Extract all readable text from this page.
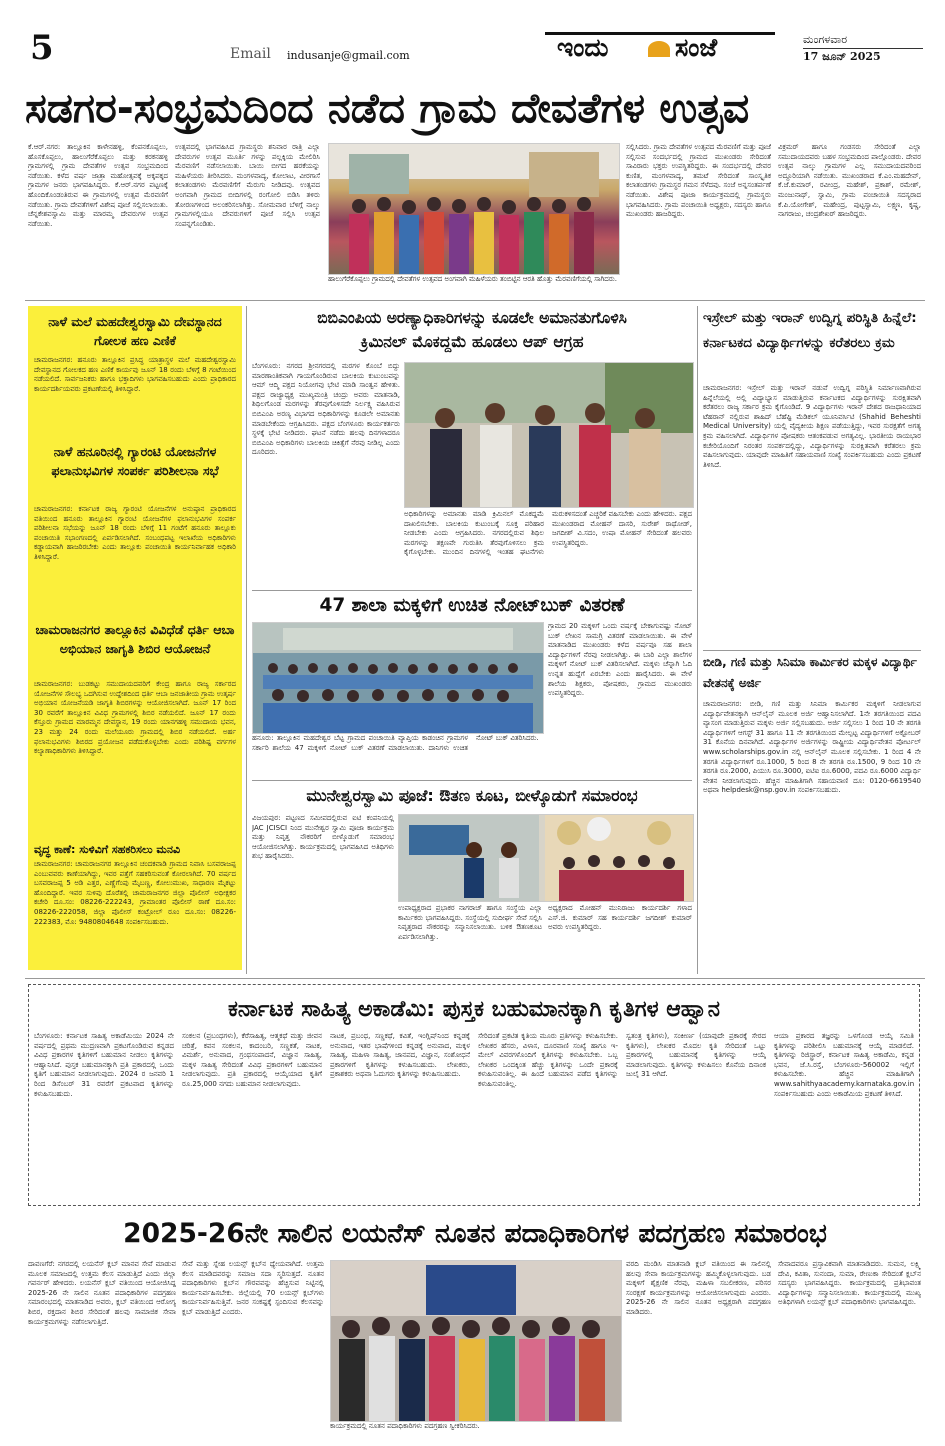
5	Email indusanje@gmail.com	ಇಂದು	ಸಂಜೆ	ಮಂಗಳವಾರ
17 ಜೂನ್ 2025
ಸಡಗರ-ಸಂಭ್ರಮದಿಂದ ನಡೆದ ಗ್ರಾಮ ದೇವತೆಗಳ ಉತ್ಸವ
ಕೆ.ಆರ್.ನಗರ: ತಾಲ್ಲೂಕಿನ ಕಾಳೇನಹಳ್ಳಿ, ಕೆಂಪನಕೊಪ್ಪಲು, ಹೊಸಕೊಪ್ಪಲು, ಹಾಲುಗೆರೆಕೊಪ್ಪಲು ಮತ್ತು ಕರಕನಹಳ್ಳಿ ಗ್ರಾಮಗಳಲ್ಲಿ ಗ್ರಾಮ ದೇವತೆಗಳ ಉತ್ಸವ ಸಂಭ್ರಮದಿಂದ ನಡೆಯಿತು. ಕಳೆದ ವರ್ಷ ಜಾತ್ರಾ ಮಹೋತ್ಸವಕ್ಕೆ ಅಕ್ಕಪಕ್ಕದ ಗ್ರಾಮಗಳ ಜನರು ಭಾಗವಹಿಸಿದ್ದರು. ಕೆ.ಆರ್.ನಗರ ಪಟ್ಟಣಕ್ಕೆ ಹೊಂದಿಕೊಂಡಂತಿರುವ ಈ ಗ್ರಾಮಗಳಲ್ಲಿ ಉತ್ಸವ ಮೆರವಣಿಗೆ ನಡೆಯಿತು. ಗ್ರಾಮ ದೇವತೆಗಳಿಗೆ ವಿಶೇಷ ಪೂಜೆ ಸಲ್ಲಿಸಲಾಯಿತು. ಚೆನ್ನಕೇಶವಸ್ವಾಮಿ ಮತ್ತು ಮಾರಮ್ಮ ದೇವರುಗಳ ಉತ್ಸವ ನಡೆಯಿತು.
ಉತ್ಸವದಲ್ಲಿ ಭಾಗವಹಿಸಿದ ಗ್ರಾಮಸ್ಥರು ಶನಿವಾರ ರಾತ್ರಿ ಎಲ್ಲಾ ದೇವರುಗಳ ಉತ್ಸವ ಮೂರ್ತಿ ಗಳನ್ನು ಪಲ್ಲಕ್ಕಿಯ ಮೇಲಿರಿಸಿ ಮೆರವಣಿಗೆ ನಡೆಸಲಾಯಿತು. ಬಾಯಿ ಬೀಗದ ಹರಕೆಯನ್ನು ಮಹಿಳೆಯರು ತೀರಿಸಿದರು. ಮಂಗಳವಾದ್ಯ, ಕೋಲಾಟ, ವೀರಗಾಸೆ ಕಲಾತಂಡಗಳು ಮೆರವಣಿಗೆಗೆ ಮೆರುಗು ನೀಡಿದವು. ಉತ್ಸವದ ಅಂಗವಾಗಿ ಗ್ರಾಮದ ಬೀದಿಗಳಲ್ಲಿ ರಂಗೋಲಿ ಬಿಡಿಸಿ ತಳಿರು ತೋರಣಗಳಿಂದ ಅಲಂಕರಿಸಲಾಗಿತ್ತು. ಸೋಮವಾರ ಬೆಳಿಗ್ಗೆ ನಾಲ್ಕು ಗ್ರಾಮಗಳಲ್ಲಿಯೂ ದೇವರುಗಳಿಗೆ ಪೂಜೆ ಸಲ್ಲಿಸಿ ಉತ್ಸವ ಸಂಪನ್ನಗೊಂಡಿತು.
ಹಾಲುಗೆರೆಕೊಪ್ಪಲು ಗ್ರಾಮದಲ್ಲಿ ದೇವತೆಗಳ ಉತ್ಸವದ ಅಂಗವಾಗಿ ಮಹಿಳೆಯರು ತಂಬಿಟ್ಟಿನ ಆರತಿ ಹೊತ್ತು ಮೆರವಣಿಗೆಯಲ್ಲಿ ಸಾಗಿದರು.
ಸಲ್ಲಿಸಿದರು. ಗ್ರಾಮ ದೇವತೆಗಳ ಉತ್ಸವದ ಮೆರವಣಿಗೆ ಮತ್ತು ಪೂಜೆ ಸಲ್ಲಿಸುವ ಸಂದರ್ಭದಲ್ಲಿ ಗ್ರಾಮದ ಮುಖಂಡರು ಸೇರಿದಂತೆ ಸಾವಿರಾರು ಭಕ್ತರು ಉಪಸ್ಥಿತರಿದ್ದರು. ಈ ಸಂದರ್ಭದಲ್ಲಿ ದೇವರ ಕುಣಿತ, ಮಂಗಳವಾದ್ಯ, ತಮಟೆ ಸೇರಿದಂತೆ ಸಾಂಸ್ಕೃತಿಕ ಕಲಾತಂಡಗಳು ಗ್ರಾಮಸ್ಥರ ಗಮನ ಸೆಳೆದವು. ಸಂಜೆ ಅನ್ನಸಂತರ್ಪಣೆ ನಡೆಯಿತು. ವಿಶೇಷ ಪೂಜಾ ಕಾರ್ಯಕ್ರಮದಲ್ಲಿ ಗ್ರಾಮಸ್ಥರು ಭಾಗವಹಿಸಿದರು. ಗ್ರಾಮ ಪಂಚಾಯಿತಿ ಅಧ್ಯಕ್ಷರು, ಸದಸ್ಯರು ಹಾಗೂ ಮುಖಂಡರು ಹಾಜರಿದ್ದರು.
ವಿಕ್ರಮರ್ ಹಾಗೂ ಗಂಡಸರು ಸೇರಿದಂತೆ ಎಲ್ಲಾ ಸಮುದಾಯದವರು ಬಹಳ ಸಂಭ್ರಮದಿಂದ ಪಾಲ್ಗೊಂಡರು. ದೇವರ ಉತ್ಸವ ನಾಲ್ಕು ಗ್ರಾಮಗಳ ಎಲ್ಲ ಸಮುದಾಯದವರಿಂದ ಅದ್ದೂರಿಯಾಗಿ ನಡೆಯಿತು. ಮುಖಂಡರಾದ ಕೆ.ಎಂ.ಮಹದೇವ್, ಕೆ.ಜೆ.ಕುಮಾರ್, ರವೀಂದ್ರ, ಮಹೇಶ್, ಪ್ರಕಾಶ್, ರಮೇಶ್, ಮಂಜುನಾಥ್, ಸ್ವಾಮಿ, ಗ್ರಾಮ ಪಂಚಾಯಿತಿ ಸದಸ್ಯರಾದ ಕೆ.ಪಿ.ಯೋಗೇಶ್, ಮಹೇಂದ್ರ, ಪುಟ್ಟಸ್ವಾಮಿ, ಲಕ್ಷ್ಮಣ, ಕೃಷ್ಣ, ನಾಗರಾಜು, ಚಂದ್ರಶೇಖರ್ ಹಾಜರಿದ್ದರು.
ನಾಳೆ ಮಲೆ ಮಹದೇಶ್ವರಸ್ವಾಮಿ ದೇವಸ್ಥಾನದ ಗೋಲಕ ಹಣ ಎಣಿಕೆ
ಚಾಮರಾಜನಗರ: ಹನೂರು ತಾಲ್ಲೂಕಿನ ಪ್ರಸಿದ್ಧ ಯಾತ್ರಾಸ್ಥಳ ಮಲೆ ಮಹದೇಶ್ವರಸ್ವಾಮಿ ದೇವಸ್ಥಾನದ ಗೋಲಕದ ಹಣ ಎಣಿಕೆ ಕಾರ್ಯವು ಜೂನ್ 18 ರಂದು ಬೆಳಿಗ್ಗೆ 8 ಗಂಟೆಯಿಂದ ನಡೆಯಲಿದೆ. ಸಾರ್ವಜನಿಕರು ಹಾಗೂ ಭಕ್ತಾದಿಗಳು ಭಾಗವಹಿಸಬಹುದು ಎಂದು ಪ್ರಾಧಿಕಾರದ ಕಾರ್ಯದರ್ಶಿಯವರು ಪ್ರಕಟಣೆಯಲ್ಲಿ ತಿಳಿಸಿದ್ದಾರೆ.
ನಾಳೆ ಹನೂರಿನಲ್ಲಿ ಗ್ಯಾರಂಟಿ ಯೋಜನೆಗಳ ಫಲಾನುಭವಿಗಳ ಸಂಪರ್ಕ ಪರಿಶೀಲನಾ ಸಭೆ
ಚಾಮರಾಜನಗರ: ಕರ್ನಾಟಕ ರಾಜ್ಯ ಗ್ಯಾರಂಟಿ ಯೋಜನೆಗಳ ಅನುಷ್ಠಾನ ಪ್ರಾಧಿಕಾರದ ವತಿಯಿಂದ ಹನೂರು ತಾಲ್ಲೂಕಿನ ಗ್ಯಾರಂಟಿ ಯೋಜನೆಗಳ ಫಲಾನುಭವಿಗಳ ಸಂಪರ್ಕ ಪರಿಶೀಲನಾ ಸಭೆಯನ್ನು ಜೂನ್ 18 ರಂದು ಬೆಳಿಗ್ಗೆ 11 ಗಂಟೆಗೆ ಹನೂರು ತಾಲ್ಲೂಕು ಪಂಚಾಯಿತಿ ಸಭಾಂಗಣದಲ್ಲಿ ಏರ್ಪಡಿಸಲಾಗಿದೆ. ಸಂಬಂಧಪಟ್ಟ ಇಲಾಖೆಯ ಅಧಿಕಾರಿಗಳು ಕಡ್ಡಾಯವಾಗಿ ಹಾಜರಿರಬೇಕು ಎಂದು ತಾಲ್ಲೂಕು ಪಂಚಾಯಿತಿ ಕಾರ್ಯನಿರ್ವಾಹಕ ಅಧಿಕಾರಿ ತಿಳಿಸಿದ್ದಾರೆ.
ಚಾಮರಾಜನಗರ ತಾಲ್ಲೂಕಿನ ವಿವಿಧೆಡೆ ಧರ್ತಿ ಆಬಾ ಅಭಿಯಾನ ಜಾಗೃತಿ ಶಿಬಿರ ಆಯೋಜನೆ
ಚಾಮರಾಜನಗರ: ಬುಡಕಟ್ಟು ಸಮುದಾಯದವರಿಗೆ ಕೇಂದ್ರ ಹಾಗೂ ರಾಜ್ಯ ಸರ್ಕಾರದ ಯೋಜನೆಗಳ ಸೌಲಭ್ಯ ಒದಗಿಸುವ ಉದ್ದೇಶದಿಂದ ಧರ್ತಿ ಆಬಾ ಜನಜಾತೀಯ ಗ್ರಾಮ ಉತ್ಕರ್ಷ ಅಭಿಯಾನ ಯೋಜನೆಯಡಿ ಜಾಗೃತಿ ಶಿಬಿರಗಳನ್ನು ಆಯೋಜಿಸಲಾಗಿದೆ. ಜೂನ್ 17 ರಿಂದ 30 ರವರೆಗೆ ತಾಲ್ಲೂಕಿನ ವಿವಿಧ ಗ್ರಾಮಗಳಲ್ಲಿ ಶಿಬಿರ ನಡೆಯಲಿದೆ. ಜೂನ್ 17 ರಂದು ಕೆಸ್ತೂರು ಗ್ರಾಮದ ಮಾರಮ್ಮನ ದೇವಸ್ಥಾನ, 19 ರಂದು ಯಾನಗಹಳ್ಳಿ ಸಮುದಾಯ ಭವನ, 23 ಮತ್ತು 24 ರಂದು ಮಲೆಯೂರು ಗ್ರಾಮದಲ್ಲಿ ಶಿಬಿರ ನಡೆಯಲಿದೆ. ಅರ್ಹ ಫಲಾನುಭವಿಗಳು ಶಿಬಿರದ ಪ್ರಯೋಜನ ಪಡೆದುಕೊಳ್ಳಬೇಕು ಎಂದು ಪರಿಶಿಷ್ಟ ವರ್ಗಗಳ ಕಲ್ಯಾಣಾಧಿಕಾರಿಗಳು ತಿಳಿಸಿದ್ದಾರೆ.
ವೃದ್ಧ ಕಾಣೆ: ಸುಳಿವಿಗೆ ಸಹಕರಿಸಲು ಮನವಿ
ಚಾಮರಾಜನಗರ: ಚಾಮರಾಜನಗರ ತಾಲ್ಲೂಕಿನ ಚಂದಕವಾಡಿ ಗ್ರಾಮದ ನಿವಾಸಿ ಬಸವರಾಜಪ್ಪ ಎಂಬುವವರು ಕಾಣೆಯಾಗಿದ್ದು, ಇವರ ಪತ್ತೆಗೆ ಸಹಕರಿಸುವಂತೆ ಕೋರಲಾಗಿದೆ. 70 ವರ್ಷದ ಬಸವರಾಜಪ್ಪ 5 ಅಡಿ ಎತ್ತರ, ಎಣ್ಣೆಗೆಂಪು ಮೈಬಣ್ಣ, ಕೋಲುಮುಖ, ಸಾಧಾರಣ ಮೈಕಟ್ಟು ಹೊಂದಿದ್ದಾರೆ. ಇವರ ಸುಳಿವು ದೊರೆತಲ್ಲಿ ಚಾಮರಾಜನಗರ ಜಿಲ್ಲಾ ಪೊಲೀಸ್ ಅಧೀಕ್ಷಕರ ಕಚೇರಿ ದೂ.ಸಂ: 08226-222243, ಗ್ರಾಮಾಂತರ ಪೊಲೀಸ್ ಠಾಣೆ ದೂ.ಸಂ: 08226-222058, ಜಿಲ್ಲಾ ಪೊಲೀಸ್ ಕಂಟ್ರೋಲ್ ರೂಂ ದೂ.ಸಂ: 08226-222383, ಮೊ: 9480804648 ಸಂಪರ್ಕಿಸಬಹುದು.
ಬಿಬಿಎಂಪಿಯ ಅರಣ್ಯಾಧಿಕಾರಿಗಳನ್ನು ಕೂಡಲೇ ಅಮಾನತುಗೊಳಿಸಿ
ಕ್ರಿಮಿನಲ್ ಮೊಕದ್ದಮೆ ಹೂಡಲು ಆಪ್ ಆಗ್ರಹ
ಬೆಂಗಳೂರು: ನಗರದ ಶ್ರೀನಗರದಲ್ಲಿ ಮರಗಳ ಕೊಂಬೆ ಬಿದ್ದು ಮಾರಣಾಂತಿಕವಾಗಿ ಗಾಯಗೊಂಡಿರುವ ಬಾಲಕಿಯ ಕುಟುಂಬವನ್ನು ಆಮ್ ಆದ್ಮಿ ಪಕ್ಷದ ನಿಯೋಗವು ಭೇಟಿ ಮಾಡಿ ಸಾಂತ್ವನ ಹೇಳಿತು. ಪಕ್ಷದ ರಾಜ್ಯಾಧ್ಯಕ್ಷ ಮುಖ್ಯಮಂತ್ರಿ ಚಂದ್ರು ಅವರು ಮಾತನಾಡಿ, ಶಿಥಿಲಗೊಂಡ ಮರಗಳನ್ನು ತೆರವುಗೊಳಿಸದೇ ನಿರ್ಲಕ್ಷ್ಯ ವಹಿಸಿರುವ ಬಿಬಿಎಂಪಿ ಅರಣ್ಯ ವಿಭಾಗದ ಅಧಿಕಾರಿಗಳನ್ನು ಕೂಡಲೇ ಅಮಾನತು ಮಾಡಬೇಕೆಂದು ಆಗ್ರಹಿಸಿದರು. ಪಕ್ಷದ ಬೆಂಗಳೂರು ಕಾರ್ಯಕರ್ತರು ಸ್ಥಳಕ್ಕೆ ಭೇಟಿ ನೀಡಿದರು. ಘಟನೆ ನಡೆದು ಹಲವು ದಿನಗಳಾದರೂ ಬಿಬಿಎಂಪಿ ಅಧಿಕಾರಿಗಳು ಬಾಲಕಿಯ ಚಿಕಿತ್ಸೆಗೆ ನೆರವು ನೀಡಿಲ್ಲ ಎಂದು ದೂರಿದರು.
ಅಧಿಕಾರಿಗಳನ್ನು ಅಮಾನತು ಮಾಡಿ ಕ್ರಿಮಿನಲ್ ಮೊಕದ್ದಮೆ ದಾಖಲಿಸಬೇಕು. ಬಾಲಕಿಯ ಕುಟುಂಬಕ್ಕೆ ಸೂಕ್ತ ಪರಿಹಾರ ನೀಡಬೇಕು ಎಂದು ಆಗ್ರಹಿಸಿದರು. ನಗರದಲ್ಲಿರುವ ಶಿಥಿಲ ಮರಗಳನ್ನು ತಕ್ಷಣವೇ ಗುರುತಿಸಿ ತೆರವುಗೊಳಿಸಲು ಕ್ರಮ ಕೈಗೊಳ್ಳಬೇಕು. ಮುಂದಿನ ದಿನಗಳಲ್ಲಿ ಇಂತಹ ಘಟನೆಗಳು ಮರುಕಳಿಸದಂತೆ ಎಚ್ಚರಿಕೆ ವಹಿಸಬೇಕು ಎಂದು ಹೇಳಿದರು. ಪಕ್ಷದ ಮುಖಂಡರಾದ ಮೋಹನ್ ದಾಸರಿ, ಸುರೇಶ್ ರಾಥೋಡ್, ಜಗದೀಶ್ ವಿ.ಸದಂ, ಉಷಾ ಮೋಹನ್ ಸೇರಿದಂತೆ ಹಲವರು ಉಪಸ್ಥಿತರಿದ್ದರು.
47 ಶಾಲಾ ಮಕ್ಕಳಿಗೆ ಉಚಿತ ನೋಟ್‌ಬುಕ್ ವಿತರಣೆ
ಹನೂರು: ತಾಲ್ಲೂಕಿನ ಮಹದೇಶ್ವರ ಬೆಟ್ಟ ಗ್ರಾಮದ ಪಂಚಾಯಿತಿ ವ್ಯಾಪ್ತಿಯ ಕಾಡಂಚಿನ ಗ್ರಾಮಗಳ ಸರ್ಕಾರಿ ಶಾಲೆಯ 47 ಮಕ್ಕಳಿಗೆ ನೋಟ್ ಬುಕ್ ವಿತರಣೆ ಮಾಡಲಾಯಿತು. ದಾನಿಗಳು ಉಚಿತ ನೋಟ್ ಬುಕ್ ವಿತರಿಸಿದರು.
ಗ್ರಾಮದ 20 ಮಕ್ಕಳಿಗೆ ಒಂದು ವರ್ಷಕ್ಕೆ ಬೇಕಾಗುವಷ್ಟು ನೋಟ್ ಬುಕ್ ಲೇಖನ ಸಾಮಗ್ರಿ ವಿತರಣೆ ಮಾಡಲಾಯಿತು. ಈ ವೇಳೆ ಮಾತನಾಡಿದ ಮುಖಂಡರು ಕಳೆದ ವರ್ಷವೂ ಸಹ ಶಾಲಾ ವಿದ್ಯಾರ್ಥಿಗಳಿಗೆ ನೆರವು ನೀಡಲಾಗಿತ್ತು. ಈ ಬಾರಿ ಎಲ್ಲಾ ಶಾಲೆಗಳ ಮಕ್ಕಳಿಗೆ ನೋಟ್ ಬುಕ್ ವಿತರಿಸಲಾಗಿದೆ. ಮಕ್ಕಳು ಚೆನ್ನಾಗಿ ಓದಿ ಉನ್ನತ ಹುದ್ದೆಗೆ ಏರಬೇಕು ಎಂದು ಹಾರೈಸಿದರು. ಈ ವೇಳೆ ಶಾಲೆಯ ಶಿಕ್ಷಕರು, ಪೋಷಕರು, ಗ್ರಾಮದ ಮುಖಂಡರು ಉಪಸ್ಥಿತರಿದ್ದರು.
ಮುನೇಶ್ವರಸ್ವಾಮಿ ಪೂಜೆ: ಔತಣ ಕೂಟ, ಬೀಳ್ಕೊಡುಗೆ ಸಮಾರಂಭ
ವಿಜಯಪುರ: ಪಟ್ಟಣದ ಸಮೀಪದಲ್ಲಿರುವ ಐಟಿ ಕಂಪನಿಯಲ್ಲಿ JAC JCISCI ನಿಂದ ಮುನೇಶ್ವರ ಸ್ವಾಮಿ ಪೂಜಾ ಕಾರ್ಯಕ್ರಮ ಮತ್ತು ನಿವೃತ್ತ ನೌಕರರಿಗೆ ಬೀಳ್ಕೊಡುಗೆ ಸಮಾರಂಭ ಆಯೋಜಿಸಲಾಗಿತ್ತು. ಕಾರ್ಯಕ್ರಮದಲ್ಲಿ ಭಾಗವಹಿಸಿದ ಅತಿಥಿಗಳು ಶುಭ ಹಾರೈಸಿದರು.
ಉಪಾಧ್ಯಕ್ಷರಾದ ಪ್ರಭಾಕರ ನಾಗರಾಜ್ ಹಾಗೂ ಸಂಸ್ಥೆಯ ಎಲ್ಲಾ ಕಾರ್ಮಿಕರು ಭಾಗವಹಿಸಿದ್ದರು. ಸಂಸ್ಥೆಯಲ್ಲಿ ಸುದೀರ್ಘ ಸೇವೆ ಸಲ್ಲಿಸಿ ನಿವೃತ್ತರಾದ ನೌಕರರನ್ನು ಸನ್ಮಾನಿಸಲಾಯಿತು. ಬಳಿಕ ಔತಣಕೂಟ ಏರ್ಪಡಿಸಲಾಗಿತ್ತು.
ಅಧ್ಯಕ್ಷರಾದ ಮೋಹನ್ ಮುನಿರಾಜು ಕಾರ್ಯದರ್ಶಿ ಗಳಾದ ಎಸ್.ಜಿ. ಕುಮಾರ್ ಸಹ ಕಾರ್ಯದರ್ಶಿ ಜಗದೀಶ್ ಕುಮಾರ್ ಅವರು ಉಪಸ್ಥಿತರಿದ್ದರು.
ಇಸ್ರೇಲ್ ಮತ್ತು ಇರಾನ್ ಉದ್ವಿಗ್ನ ಪರಿಸ್ಥಿತಿ ಹಿನ್ನೆಲೆ: ಕರ್ನಾಟಕದ ವಿದ್ಯಾರ್ಥಿಗಳನ್ನು ಕರೆತರಲು ಕ್ರಮ
ಚಾಮರಾಜನಗರ: ಇಸ್ರೇಲ್ ಮತ್ತು ಇರಾನ್ ನಡುವೆ ಉದ್ವಿಗ್ನ ಪರಿಸ್ಥಿತಿ ನಿರ್ಮಾಣವಾಗಿರುವ ಹಿನ್ನೆಲೆಯಲ್ಲಿ ಅಲ್ಲಿ ವಿದ್ಯಾಭ್ಯಾಸ ಮಾಡುತ್ತಿರುವ ಕರ್ನಾಟಕದ ವಿದ್ಯಾರ್ಥಿಗಳನ್ನು ಸುರಕ್ಷಿತವಾಗಿ ಕರೆತರಲು ರಾಜ್ಯ ಸರ್ಕಾರ ಕ್ರಮ ಕೈಗೊಂಡಿದೆ. 9 ವಿದ್ಯಾರ್ಥಿಗಳು ಇರಾನ್ ದೇಶದ ರಾಜಧಾನಿಯಾದ ಟೆಹರಾನ್ ನಲ್ಲಿರುವ ಶಾಹಿದ್ ಬೆಹೆಷ್ಟಿ ಮೆಡಿಕಲ್ ಯೂನಿವರ್ಸಿಟಿ (Shahid Beheshti Medical University) ಯಲ್ಲಿ ವೈದ್ಯಕೀಯ ಶಿಕ್ಷಣ ಪಡೆಯುತ್ತಿದ್ದು, ಇವರ ಸುರಕ್ಷತೆಗೆ ಅಗತ್ಯ ಕ್ರಮ ವಹಿಸಲಾಗಿದೆ. ವಿದ್ಯಾರ್ಥಿಗಳ ಪೋಷಕರು ಆತಂಕಪಡುವ ಅಗತ್ಯವಿಲ್ಲ. ಭಾರತೀಯ ರಾಯಭಾರ ಕಚೇರಿಯೊಂದಿಗೆ ನಿರಂತರ ಸಂಪರ್ಕದಲ್ಲಿದ್ದು, ವಿದ್ಯಾರ್ಥಿಗಳನ್ನು ಸುರಕ್ಷಿತವಾಗಿ ಕರೆತರಲು ಕ್ರಮ ವಹಿಸಲಾಗುವುದು. ಯಾವುದೇ ಮಾಹಿತಿಗೆ ಸಹಾಯವಾಣಿ ಸಂಖ್ಯೆ ಸಂಪರ್ಕಿಸಬಹುದು ಎಂದು ಪ್ರಕಟಣೆ ತಿಳಿಸಿದೆ.
ಬೀಡಿ, ಗಣಿ ಮತ್ತು ಸಿನಿಮಾ ಕಾರ್ಮಿಕರ ಮಕ್ಕಳ ವಿದ್ಯಾರ್ಥಿ ವೇತನಕ್ಕೆ ಅರ್ಜಿ
ಚಾಮರಾಜನಗರ: ಬೀಡಿ, ಗಣಿ ಮತ್ತು ಸಿನಿಮಾ ಕಾರ್ಮಿಕರ ಮಕ್ಕಳಿಗೆ ನೀಡಲಾಗುವ ವಿದ್ಯಾರ್ಥಿವೇತನಕ್ಕಾಗಿ ಆನ್‌ಲೈನ್ ಮೂಲಕ ಅರ್ಜಿ ಆಹ್ವಾನಿಸಲಾಗಿದೆ. 1ನೇ ತರಗತಿಯಿಂದ ಪದವಿ ವ್ಯಾಸಂಗ ಮಾಡುತ್ತಿರುವ ಮಕ್ಕಳು ಅರ್ಜಿ ಸಲ್ಲಿಸಬಹುದು. ಅರ್ಜಿ ಸಲ್ಲಿಸಲು 1 ರಿಂದ 10 ನೇ ತರಗತಿ ವಿದ್ಯಾರ್ಥಿಗಳಿಗೆ ಆಗಸ್ಟ್ 31 ಹಾಗೂ 11 ನೇ ತರಗತಿಯಿಂದ ಮೇಲ್ಪಟ್ಟ ವಿದ್ಯಾರ್ಥಿಗಳಿಗೆ ಅಕ್ಟೋಬರ್ 31 ಕೊನೆಯ ದಿನವಾಗಿದೆ. ವಿದ್ಯಾರ್ಥಿಗಳ ಅರ್ಜಿಗಳನ್ನು ರಾಷ್ಟ್ರೀಯ ವಿದ್ಯಾರ್ಥಿವೇತನ ಪೋರ್ಟಲ್ www.scholarships.gov.in ನಲ್ಲಿ ಆನ್‌ಲೈನ್ ಮೂಲಕ ಸಲ್ಲಿಸಬೇಕು. 1 ರಿಂದ 4 ನೇ ತರಗತಿ ವಿದ್ಯಾರ್ಥಿಗಳಿಗೆ ರೂ.1000, 5 ರಿಂದ 8 ನೇ ತರಗತಿ ರೂ.1500, 9 ರಿಂದ 10 ನೇ ತರಗತಿ ರೂ.2000, ಪಿಯುಸಿ ರೂ.3000, ಐಟಿಐ ರೂ.6000, ಪದವಿ ರೂ.6000 ವಿದ್ಯಾರ್ಥಿ ವೇತನ ನೀಡಲಾಗುವುದು. ಹೆಚ್ಚಿನ ಮಾಹಿತಿಗಾಗಿ ಸಹಾಯವಾಣಿ ದೂ: 0120-6619540 ಅಥವಾ helpdesk@nsp.gov.in ಸಂಪರ್ಕಿಸಬಹುದು.
ಕರ್ನಾಟಕ ಸಾಹಿತ್ಯ ಅಕಾಡೆಮಿ: ಪುಸ್ತಕ ಬಹುಮಾನಕ್ಕಾಗಿ ಕೃತಿಗಳ ಆಹ್ವಾನ
ಬೆಂಗಳೂರು: ಕರ್ನಾಟಕ ಸಾಹಿತ್ಯ ಅಕಾಡೆಮಿಯು 2024 ನೇ ವರ್ಷದಲ್ಲಿ ಪ್ರಥಮ ಮುದ್ರಣವಾಗಿ ಪ್ರಕಟಗೊಂಡಿರುವ ಕನ್ನಡದ ವಿವಿಧ ಪ್ರಕಾರಗಳ ಕೃತಿಗಳಿಗೆ ಬಹುಮಾನ ನೀಡಲು ಕೃತಿಗಳನ್ನು ಆಹ್ವಾನಿಸಿದೆ. ಪುಸ್ತಕ ಬಹುಮಾನಕ್ಕಾಗಿ ಪ್ರತಿ ಪ್ರಕಾರದಲ್ಲಿ ಒಂದು ಕೃತಿಗೆ ಬಹುಮಾನ ನೀಡಲಾಗುವುದು. 2024 ರ ಜನವರಿ 1 ರಿಂದ ಡಿಸೆಂಬರ್ 31 ರವರೆಗೆ ಪ್ರಕಟವಾದ ಕೃತಿಗಳನ್ನು ಕಳುಹಿಸಬಹುದು.
ಸಂಕಲನ (ಪ್ರಬಂಧಗಳು), ಕೆರೆಸಾಹಿತ್ಯ, ಆತ್ಮಕಥೆ ಮತ್ತು ಜೀವನ ಚರಿತ್ರೆ, ಕವನ ಸಂಕಲನ, ಕಾದಂಬರಿ, ಸಣ್ಣಕತೆ, ನಾಟಕ, ವಿಮರ್ಶೆ, ಅನುವಾದ, ಗ್ರಂಥಸಂಪಾದನೆ, ವಿಜ್ಞಾನ ಸಾಹಿತ್ಯ, ಮಕ್ಕಳ ಸಾಹಿತ್ಯ ಸೇರಿದಂತೆ ವಿವಿಧ ಪ್ರಕಾರಗಳಿಗೆ ಬಹುಮಾನ ನೀಡಲಾಗುವುದು. ಪ್ರತಿ ಪ್ರಕಾರದಲ್ಲಿ ಆಯ್ಕೆಯಾದ ಕೃತಿಗೆ ರೂ.25,000 ನಗದು ಬಹುಮಾನ ನೀಡಲಾಗುವುದು.
ನಾಟಕ, ಪ್ರಬಂಧ, ಸಣ್ಣಕಥೆ, ಕವಿತೆ, ಇಂಗ್ಲಿಷ್‌ನಿಂದ ಕನ್ನಡಕ್ಕೆ ಅನುವಾದ, ಇತರ ಭಾಷೆಗಳಿಂದ ಕನ್ನಡಕ್ಕೆ ಅನುವಾದ, ಮಕ್ಕಳ ಸಾಹಿತ್ಯ, ಮಹಿಳಾ ಸಾಹಿತ್ಯ, ಜಾನಪದ, ವಿಜ್ಞಾನ, ಸಂಶೋಧನೆ ಪ್ರಕಾರಗಳಿಗೆ ಕೃತಿಗಳನ್ನು ಕಳುಹಿಸಬಹುದು. ಲೇಖಕರು, ಪ್ರಕಾಶಕರು ಅಥವಾ ಓದುಗರು ಕೃತಿಗಳನ್ನು ಕಳುಹಿಸಬಹುದು.
ಸೇರಿದಂತೆ ಪ್ರಕಟಿತ ಕೃತಿಯ ಮೂರು ಪ್ರತಿಗಳನ್ನು ಕಳುಹಿಸಬೇಕು. ಲೇಖಕರ ಹೆಸರು, ವಿಳಾಸ, ದೂರವಾಣಿ ಸಂಖ್ಯೆ ಹಾಗೂ ಇ-ಮೇಲ್ ವಿವರಗಳೊಂದಿಗೆ ಕೃತಿಗಳನ್ನು ಕಳುಹಿಸಬೇಕು. ಒಬ್ಬ ಲೇಖಕರ ಒಂದಕ್ಕಿಂತ ಹೆಚ್ಚು ಕೃತಿಗಳನ್ನು ಒಂದೇ ಪ್ರಕಾರಕ್ಕೆ ಕಳುಹಿಸುವಂತಿಲ್ಲ. ಈ ಹಿಂದೆ ಬಹುಮಾನ ಪಡೆದ ಕೃತಿಗಳನ್ನು ಕಳುಹಿಸುವಂತಿಲ್ಲ.
ಸ್ವತಂತ್ರ ಕೃತಿಗಳು), ಸಂಕೀರ್ಣ (ಯಾವುದೇ ಪ್ರಕಾರಕ್ಕೆ ಸೇರದ ಕೃತಿಗಳು), ಲೇಖಕರ ಮೊದಲ ಕೃತಿ ಸೇರಿದಂತೆ ಒಟ್ಟು ಪ್ರಕಾರಗಳಲ್ಲಿ ಬಹುಮಾನಕ್ಕೆ ಕೃತಿಗಳನ್ನು ಆಯ್ಕೆ ಮಾಡಲಾಗುವುದು. ಕೃತಿಗಳನ್ನು ಕಳುಹಿಸಲು ಕೊನೆಯ ದಿನಾಂಕ ಜುಲೈ 31 ಆಗಿದೆ.
ಆಯಾ ಪ್ರಕಾರದ ತಜ್ಞರನ್ನು ಒಳಗೊಂಡ ಆಯ್ಕೆ ಸಮಿತಿ ಕೃತಿಗಳನ್ನು ಪರಿಶೀಲಿಸಿ ಬಹುಮಾನಕ್ಕೆ ಆಯ್ಕೆ ಮಾಡಲಿದೆ. ಕೃತಿಗಳನ್ನು ರಿಜಿಸ್ಟ್ರಾರ್, ಕರ್ನಾಟಕ ಸಾಹಿತ್ಯ ಅಕಾಡೆಮಿ, ಕನ್ನಡ ಭವನ, ಜೆ.ಸಿ.ರಸ್ತೆ, ಬೆಂಗಳೂರು-560002 ಇಲ್ಲಿಗೆ ಕಳುಹಿಸಬೇಕು. ಹೆಚ್ಚಿನ ಮಾಹಿತಿಗಾಗಿ www.sahithyaacademy.karnataka.gov.in ಸಂಪರ್ಕಿಸಬಹುದು ಎಂದು ಅಕಾಡೆಮಿಯ ಪ್ರಕಟಣೆ ತಿಳಿಸಿದೆ.
2025-26ನೇ ಸಾಲಿನ ಲಯನೆಸ್ ನೂತನ ಪದಾಧಿಕಾರಿಗಳ ಪದಗ್ರಹಣ ಸಮಾರಂಭ
ದಾವಣಗೆರೆ: ನಗರದಲ್ಲಿ ಲಯನೆಸ್ ಕ್ಲಬ್ ಮಾನವ ಸೇವೆ ಮಾಡುವ ಮೂಲಕ ಸಮಾಜದಲ್ಲಿ ಉತ್ತಮ ಕೆಲಸ ಮಾಡುತ್ತಿದೆ ಎಂದು ಜಿಲ್ಲಾ ಗವರ್ನರ್ ಹೇಳಿದರು. ಲಯನೆಸ್ ಕ್ಲಬ್ ವತಿಯಿಂದ ಆಯೋಜಿಸಿದ್ದ 2025-26 ನೇ ಸಾಲಿನ ನೂತನ ಪದಾಧಿಕಾರಿಗಳ ಪದಗ್ರಹಣ ಸಮಾರಂಭದಲ್ಲಿ ಮಾತನಾಡಿದ ಅವರು, ಕ್ಲಬ್ ವತಿಯಿಂದ ಆರೋಗ್ಯ ಶಿಬಿರ, ರಕ್ತದಾನ ಶಿಬಿರ ಸೇರಿದಂತೆ ಹಲವು ಸಾಮಾಜಿಕ ಸೇವಾ ಕಾರ್ಯಕ್ರಮಗಳನ್ನು ನಡೆಸಲಾಗುತ್ತಿದೆ.
ಸೇವೆ ಮತ್ತು ಸ್ನೇಹ ಲಯನ್ಸ್ ಕ್ಲಬ್‌ನ ಧ್ಯೇಯವಾಗಿದೆ. ಉತ್ತಮ ಕೆಲಸ ಮಾಡಿದವರನ್ನು ಸಮಾಜ ಸದಾ ಸ್ಮರಿಸುತ್ತದೆ. ನೂತನ ಪದಾಧಿಕಾರಿಗಳು ಕ್ಲಬ್‌ನ ಗೌರವವನ್ನು ಹೆಚ್ಚಿಸುವ ನಿಟ್ಟಿನಲ್ಲಿ ಕಾರ್ಯನಿರ್ವಹಿಸಬೇಕು. ಜಿಲ್ಲೆಯಲ್ಲಿ 70 ಲಯನ್ಸ್ ಕ್ಲಬ್‌ಗಳು ಕಾರ್ಯನಿರ್ವಹಿಸುತ್ತಿವೆ. ಜನರ ಸಂಕಷ್ಟಕ್ಕೆ ಸ್ಪಂದಿಸುವ ಕೆಲಸವನ್ನು ಕ್ಲಬ್ ಮಾಡುತ್ತಿದೆ ಎಂದರು.
ಕಾರ್ಯಕ್ರಮದಲ್ಲಿ ನೂತನ ಪದಾಧಿಕಾರಿಗಳು ಪದಗ್ರಹಣ ಸ್ವೀಕರಿಸಿದರು.
ವರದಿ ಮಂಡಿಸಿ ಮಾತನಾಡಿ ಕ್ಲಬ್ ವತಿಯಿಂದ ಈ ಸಾಲಿನಲ್ಲಿ ಹಲವು ಸೇವಾ ಕಾರ್ಯಕ್ರಮಗಳನ್ನು ಹಮ್ಮಿಕೊಳ್ಳಲಾಗುವುದು. ಬಡ ಮಕ್ಕಳಿಗೆ ಶೈಕ್ಷಣಿಕ ನೆರವು, ಮಹಿಳಾ ಸಬಲೀಕರಣ, ಪರಿಸರ ಸಂರಕ್ಷಣೆ ಕಾರ್ಯಕ್ರಮಗಳನ್ನು ಆಯೋಜಿಸಲಾಗುವುದು ಎಂದರು. 2025-26 ನೇ ಸಾಲಿನ ನೂತನ ಅಧ್ಯಕ್ಷರಾಗಿ ಪದಗ್ರಹಣ ಮಾಡಿದರು.
ಸೇವಾದವರೂ ಪ್ರಸ್ತಾವಿಕವಾಗಿ ಮಾತನಾಡಿದರು. ಸುಮನ, ಲಕ್ಷ್ಮಿ ದೇವಿ, ಕವಿತಾ, ಸುನಂದಾ, ಸುಮಾ, ರೇಣುಕಾ ಸೇರಿದಂತೆ ಕ್ಲಬ್‌ನ ಸದಸ್ಯರು ಭಾಗವಹಿಸಿದ್ದರು. ಕಾರ್ಯಕ್ರಮದಲ್ಲಿ ಪ್ರತಿಭಾವಂತ ವಿದ್ಯಾರ್ಥಿಗಳನ್ನು ಸನ್ಮಾನಿಸಲಾಯಿತು. ಕಾರ್ಯಕ್ರಮದಲ್ಲಿ ಮುಖ್ಯ ಅತಿಥಿಗಳಾಗಿ ಲಯನ್ಸ್ ಕ್ಲಬ್ ಪದಾಧಿಕಾರಿಗಳು ಭಾಗವಹಿಸಿದ್ದರು.
